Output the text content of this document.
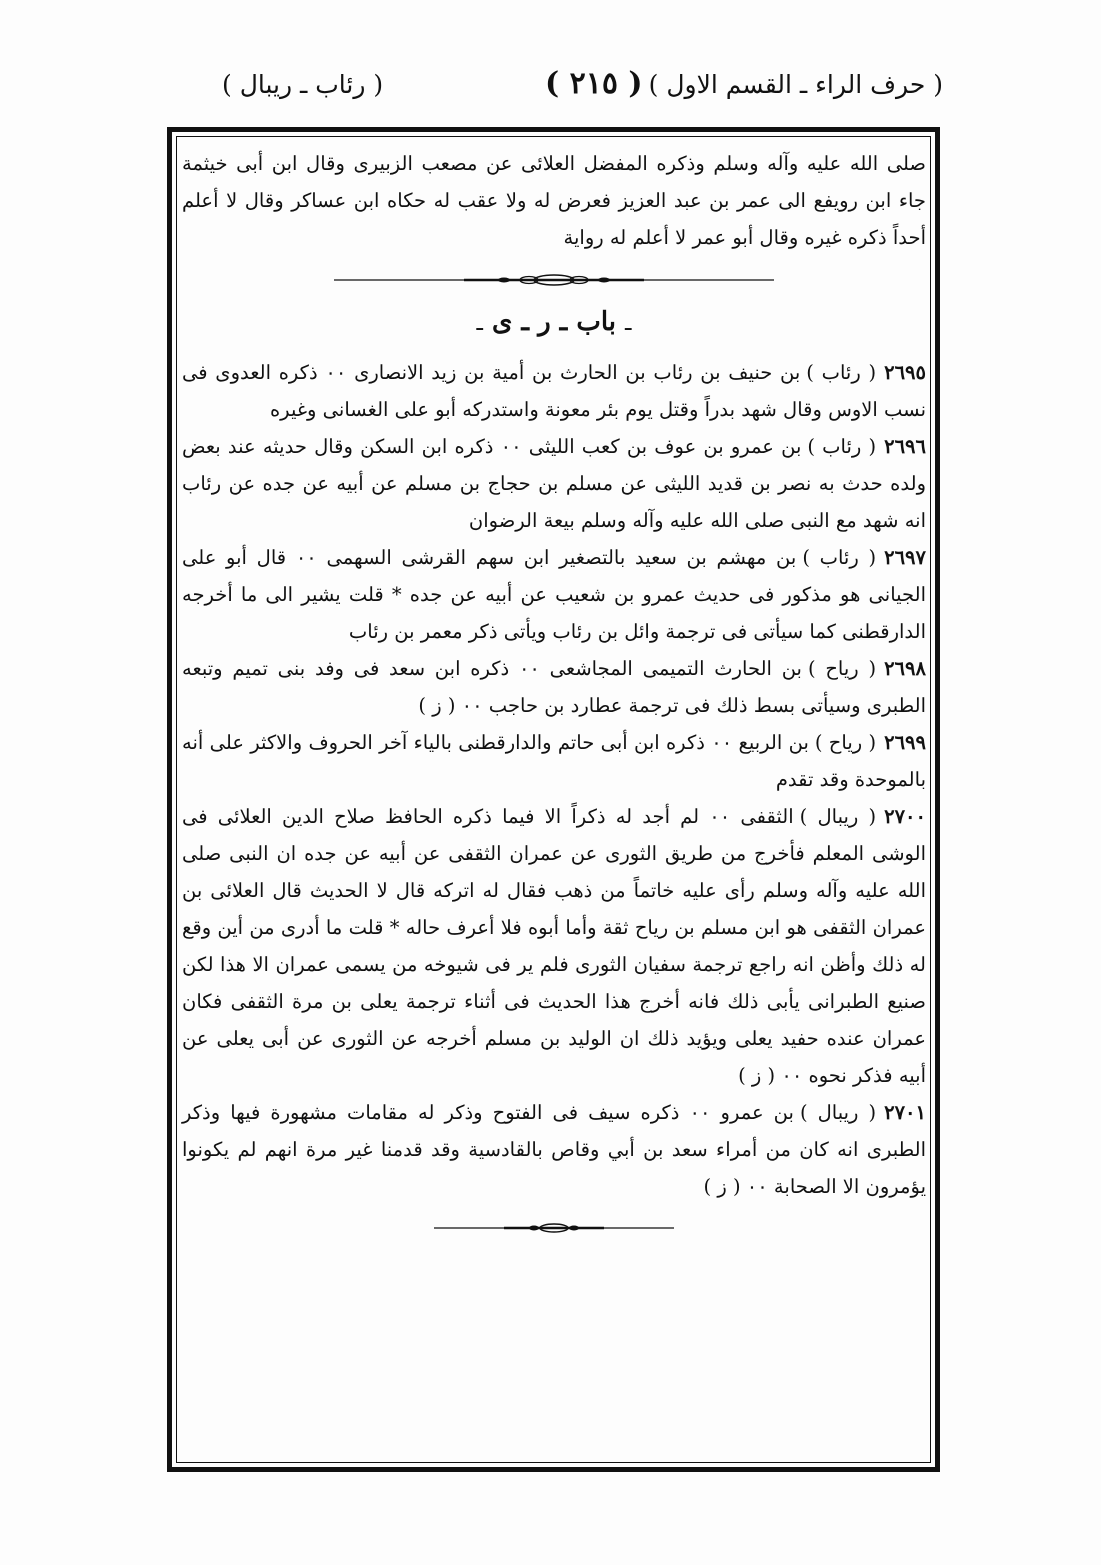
( حرف الراء ـ القسم الاول )
( ٢١٥ )
( رئاب ـ ريبال )

صلى الله عليه وآله وسلم وذكره المفضل العلائى عن مصعب الزبيرى وقال ابن أبى خيثمة جاء ابن رويفع الى عمر بن عبد العزيز فعرض له ولا عقب له حكاه ابن عساكر وقال لا أعلم أحداً ذكره غيره وقال أبو عمر لا أعلم له رواية

ـ باب ـ ر ـ ى ـ

٢٦٩٥( رئاب )بن حنيف بن رئاب بن الحارث بن أمية بن زيد الانصارى ٠٠ ذكره العدوى فى نسب الاوس وقال شهد بدراً وقتل يوم بئر معونة واستدركه أبو على الغسانى وغيره

٢٦٩٦( رئاب )بن عمرو بن عوف بن كعب الليثى ٠٠ ذكره ابن السكن وقال حديثه عند بعض ولده حدث به نصر بن قديد الليثى عن مسلم بن حجاج بن مسلم عن أبيه عن جده عن رئاب انه شهد مع النبى صلى الله عليه وآله وسلم بيعة الرضوان

٢٦٩٧( رئاب )بن مهشم بن سعيد بالتصغير ابن سهم القرشى السهمى ٠٠ قال أبو على الجيانى هو مذكور فى حديث عمرو بن شعيب عن أبيه عن جده * قلت يشير الى ما أخرجه الدارقطنى كما سيأتى فى ترجمة وائل بن رئاب ويأتى ذكر معمر بن رئاب

٢٦٩٨( رياح )بن الحارث التميمى المجاشعى ٠٠ ذكره ابن سعد فى وفد بنى تميم وتبعه الطبرى وسيأتى بسط ذلك فى ترجمة عطارد بن حاجب ٠٠ ( ز )

٢٦٩٩( رياح )بن الربيع ٠٠ ذكره ابن أبى حاتم والدارقطنى بالياء آخر الحروف والاكثر على أنه بالموحدة وقد تقدم

٢٧٠٠( ريبال )الثقفى ٠٠ لم أجد له ذكراً الا فيما ذكره الحافظ صلاح الدين العلائى فى الوشى المعلم فأخرج من طريق الثورى عن عمران الثقفى عن أبيه عن جده ان النبى صلى الله عليه وآله وسلم رأى عليه خاتماً من ذهب فقال له اتركه قال لا الحديث قال العلائى بن عمران الثقفى هو ابن مسلم بن رياح ثقة وأما أبوه فلا أعرف حاله * قلت ما أدرى من أين وقع له ذلك وأظن انه راجع ترجمة سفيان الثورى فلم ير فى شيوخه من يسمى عمران الا هذا لكن صنيع الطبرانى يأبى ذلك فانه أخرج هذا الحديث فى أثناء ترجمة يعلى بن مرة الثقفى فكان عمران عنده حفيد يعلى ويؤيد ذلك ان الوليد بن مسلم أخرجه عن الثورى عن أبى يعلى عن أبيه فذكر نحوه ٠٠ ( ز )

٢٧٠١( ريبال )بن عمرو ٠٠ ذكره سيف فى الفتوح وذكر له مقامات مشهورة فيها وذكر الطبرى انه كان من أمراء سعد بن أبي وقاص بالقادسية وقد قدمنا غير مرة انهم لم يكونوا يؤمرون الا الصحابة ٠٠ ( ز )
